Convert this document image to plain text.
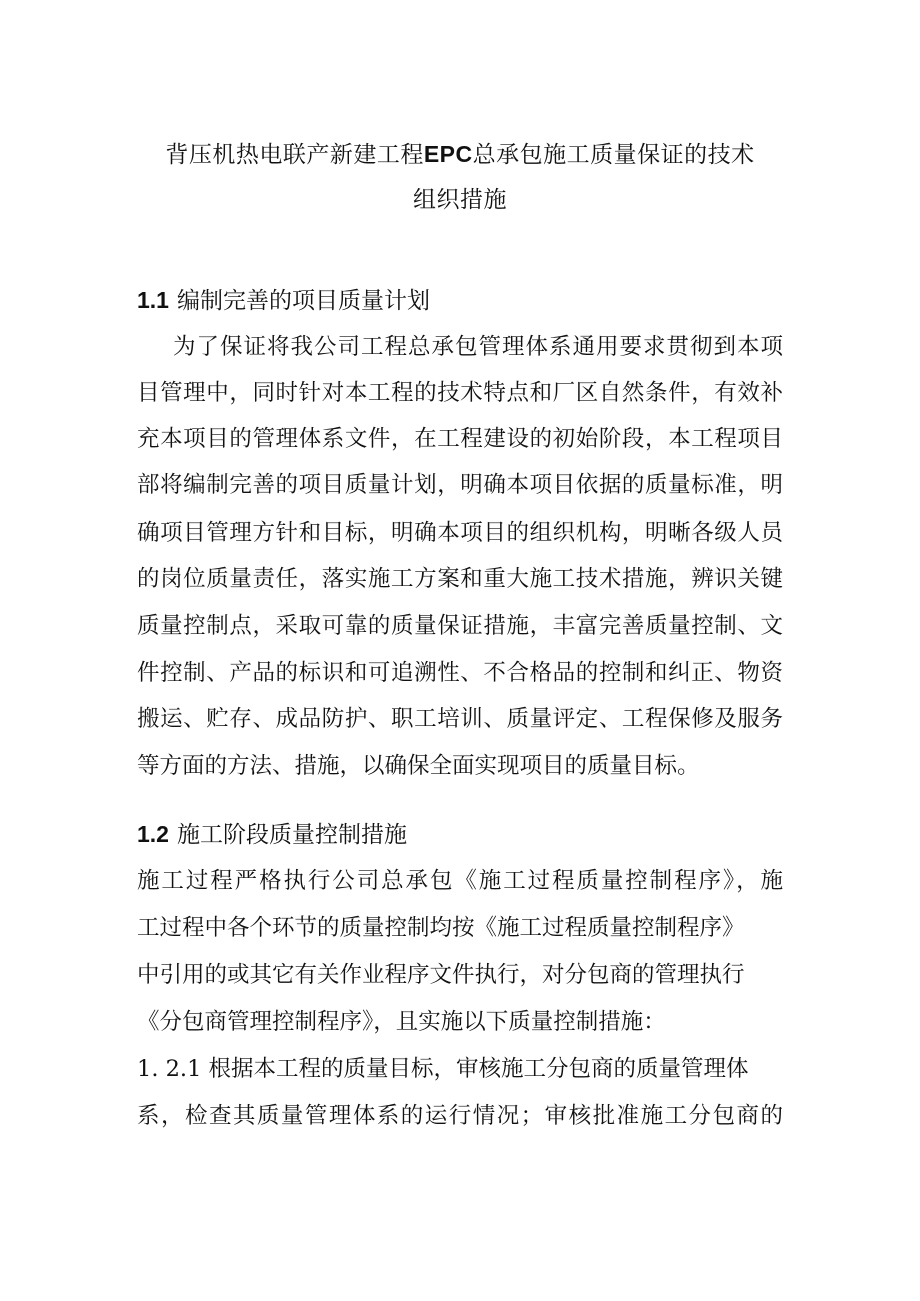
背压机热电联产新建工程EPC总承包施工质量保证的技术
组织措施
1.1 编制完善的项目质量计划
为了保证将我公司工程总承包管理体系通用要求贯彻到本项
目管理中，同时针对本工程的技术特点和厂区自然条件，有效补
充本项目的管理体系文件，在工程建设的初始阶段，本工程项目
部将编制完善的项目质量计划，明确本项目依据的质量标准，明
确项目管理方针和目标，明确本项目的组织机构，明晰各级人员
的岗位质量责任，落实施工方案和重大施工技术措施，辨识关键
质量控制点，采取可靠的质量保证措施，丰富完善质量控制、文
件控制、产品的标识和可追溯性、不合格品的控制和纠正、物资
搬运、贮存、成品防护、职工培训、质量评定、工程保修及服务
等方面的方法、措施，以确保全面实现项目的质量目标。
1.2 施工阶段质量控制措施
施工过程严格执行公司总承包《施工过程质量控制程序》，施
工过程中各个环节的质量控制均按《施工过程质量控制程序》
中引用的或其它有关作业程序文件执行，对分包商的管理执行
《分包商管理控制程序》，且实施以下质量控制措施：
1. 2.1 根据本工程的质量目标，审核施工分包商的质量管理体
系，检查其质量管理体系的运行情况；审核批准施工分包商的
